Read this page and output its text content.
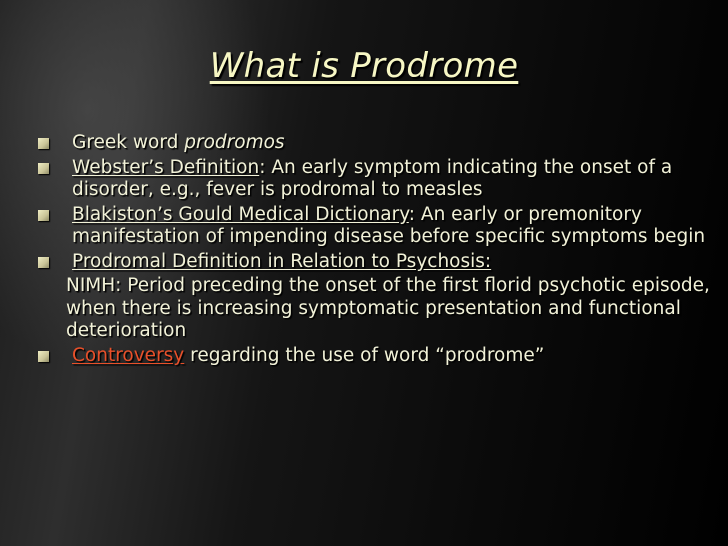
What is Prodrome
Greek word prodromos
Webster’s Definition: An early symptom indicating the onset of a disorder, e.g., fever is prodromal to measles
Blakiston’s Gould Medical Dictionary: An early or premonitory manifestation of impending disease before specific symptoms begin
Prodromal Definition in Relation to Psychosis:
NIMH: Period preceding the onset of the first florid psychotic episode, when there is increasing symptomatic presentation and functional deterioration
Controversy regarding the use of word “prodrome”
